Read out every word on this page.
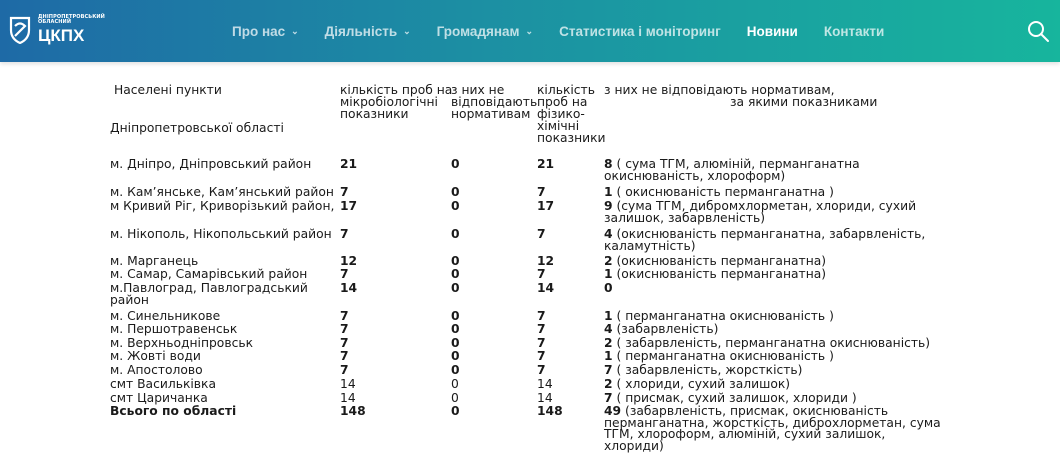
ДНІПРОПЕТРОВСЬКИЙ
ОБЛАСНИЙ
ЦКПХ	Про нас ⌄ Діяльність ⌄ Громадянам ⌄ Статистика і моніторинг Новини Контакти
Населені пункти
Дніпропетровської області
кількість проб на
мікробіологічні
показники
з них не
відповідають
нормативам
кількість
проб на
фізико-
хімічні
показники
з них не відповідають нормативам,
за якими показниками
м. Дніпро, Дніпровський район 21	0	21	8 ( сума ТГМ, алюміній, перманганатна
окиснюваність, хлороформ)
м. Кам’янське, Кам’янський район 7	0	7	1 ( окиснюваність перманганатна )
м Кривий Ріг, Криворізький район, 17	0	17	9 (сума ТГМ, дибромхлорметан, хлориди, сухий
залишок, забарвленість)
м. Нікополь, Нікопольський район 7	0	7	4 (окиснюваність перманганатна, забарвленість,
каламутність)
м. Марганець	12	0	12	2 (окиснюваність перманганатна)
м. Самар, Самарівський район	7	0	7	1 (окиснюваність перманганатна)
м.Павлоград, Павлоградський
район
14	0	14	0
м. Синельникове	7	0	7	1 ( перманганатна окиснюваність )
м. Першотравенськ	7	0	7	4 (забарвленість)
м. Верхньодніпровськ	7	0	7	2 ( забарвленість, перманганатна окиснюваність)
м. Жовті води	7	0	7	1 ( перманганатна окиснюваність )
м. Апостолово	7	0	7	7 ( забарвленість, жорсткість)
смт Васильківка	14	0	14	2 ( хлориди, сухий залишок)
смт Царичанка	14	0	14	7 ( присмак, сухий залишок, хлориди )
Всього по області	148	0	148	49 (забарвленість, присмак, окиснюваність
перманганатна, жорсткість, диброхлорметан, сума
ТГМ, хлороформ, алюміній, сухий залишок,
хлориди)
